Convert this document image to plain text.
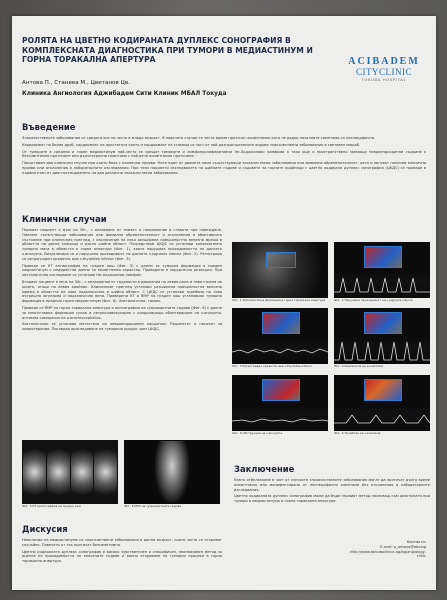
РОЛЯТА НА ЦВЕТНО КОДИРАНАТА ДУПЛЕКС СОНОГРАФИЯ В КОМПЛЕКСНАТА ДИАГНОСТИКА ПРИ ТУМОРИ В МЕДИАСТИНУМ И ГОРНА ТОРАКАЛНА АПЕРТУРА
Антова П., Станева М., Цветанов Цв.
Клиника Ангиология Аджибадем Сити Клиник МБАЛ Токуда
ACIBADEM
CITYCLINIC
TOKUDA HOSPITAL
Въведение

Злокачествените заболявания от средата все по-често в млада възраст. В повечето случаи те често времe протичат асимптомно като не рядко началните симптоми са неспецифични.

Кардиомеат на белия дроб, кардиомеат на простатата както и кардиомеат на стомаха са част от най-разпространените видове злокачествени заболявания в световен мащаб.

От туморите в средния и горен медиастинум най-често се срещат тимомите и лимфопролиферативни Не-Ходжкинови лимфоми а така още и пространствено заемащи невроендокринни съдрине с безсимптомно протичане или дълъгосрочни симптоми с най-вече асимптомно протичане.

Представям два клинични случая при които бяха с клинични прояви. Нито един от двамата няма съществуващи злокачествени заболявания или фамилна обременителност, като и липсват налични клинични прояви или отклонения в лабораторните изследвания. При тези пациенти изследването на шийните съдове и съдовете на горните крайници с цветно кодирана дуплекс сонография (ЦКДС) се проведе в първия етап от диагностицирането на два различни злокачествени заболявания.

Клинични случаи

Първият пациент е мъж на 39г., с оплакване от тежест и напрежение в главата при навеждане. Липсват съпътстващи заболявания или фамилна обременителност и отклонения в обективното състояние при клиничния преглед, с изключение на леко разширена повърхностна венозна мрежа в областта на дясна ключица и дясна шийна област. Посредством ЦКДС се установи хипоехогенна туморна маса в областта в горна апертура (Фиг. 1), която нарушава проходимостта на дясната v.anonyma. Визуализира се и нарушена проходимост на дясната v.jugularis interna (Фиг. 2). Регистрира се ретрограден кръвоток във v.thyroidea inferior (Фиг. 3).

Проведе се КТ ангиография на гръден кош (Фиг. 5) с данни за туморна формация в преден медиастинум с индиректни данни за малигнения характер. Проведена е хирургична резекция. При хистологично изследване се установи Не-Ходжкинов лимфом.

Вторият пациент е мъж на 34г., с оплаквания от трудности в движения на левия ръка и лява страна на шията, отоци на левия крайник. Клиничният преглед установи разширена повърхностна венозна мрежа в областта на лява подключична и шийна област. С ЦКДС се установи тромбоза на лява вътрешна югуларна и подключична вена. Проведени КТ и ЯМР на гръден кош установиха туморна формация в предния горен медиастинум (Фиг. 6). Хистологично: тимом.

Проведе се ЯМР на горна торакална апертура и ангиография на супрааортните съдове (Фиг. 6) с данни за многоглавна формация супра и ретроклавикуларно с кондолиращо облитериране на v.anonyma, интимна компресия на a.brachiocephalica.

Хистологично се установи метастаза на невроендокринен карцином. Пациентът е насочен за химиотерапия. Последва проследяване на туморния процес чрез ЦКДС.

Фиг. 1 Хипоехогенна формация в горна торакална апертура	Фиг. 2 Нарушена проходимост на v.jugularis interna
Фиг. 3 Ретрограден кръвоток във v.thyroidea inferior	Фиг. 4 Компресия на a.subclavia
Фиг. 5 Обструкция на v.anonyma	Фиг. 6 Тромбоза на v.subclavia
Фиг. 5 КТ ангиография на гръден кош	Фиг. 6 МРА на супрааортните съдове
Дискусия

Неоплазии на медиастинума са злокачествени заболявания в ранна възраст, които често се откриват случайно. Повечето от тях протичат безсимптомно.

Цветно кодираната дуплекс сонография е високо чувствителен и специфичен, неинвазивен метод за оценка на проходимостта на венозните съдове и ранно откриване на туморни процеси в горна торакална апертура.

Заключение

Както отбелязахме в част от случаите злокачествените заболявания могат да протичат дълго време асимптомно или манифестирани от неспецифични симптоми без отклонения в лабораторните изследвания.

Цветно кодираната дуплекс сонография може да бъде първият метод насочващ към диагнозата при тумори в медиастинума и горна торакална апертура.

Контакти:
E-mail: p_antova@abv.bg
http://www.tokudaclinica.bg/bg/angiology-clinic
